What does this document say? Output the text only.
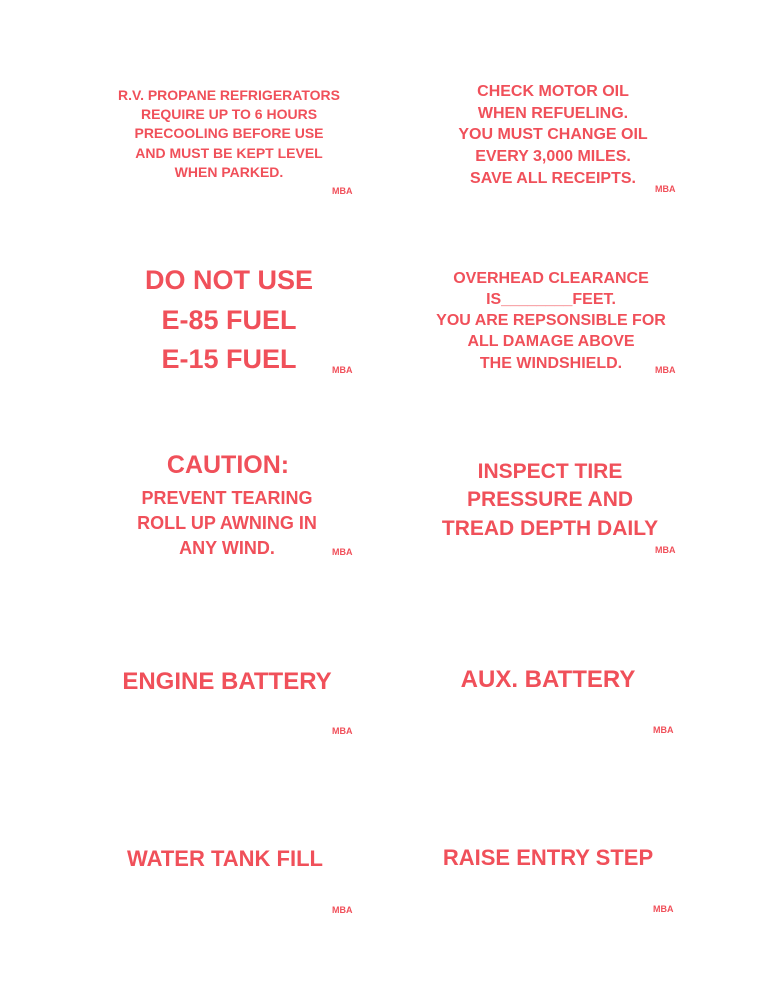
R.V. PROPANE REFRIGERATORS
REQUIRE UP TO 6 HOURS
PRECOOLING BEFORE USE
AND MUST BE KEPT LEVEL
WHEN PARKED.
MBA
CHECK MOTOR OIL
WHEN REFUELING.
YOU MUST CHANGE OIL
EVERY 3,000 MILES.
SAVE ALL RECEIPTS.
MBA
DO NOT USE
E-85 FUEL
E-15 FUEL	MBA
OVERHEAD CLEARANCE
IS________FEET.
YOU ARE REPSONSIBLE FOR
ALL DAMAGE ABOVE
THE WINDSHIELD.	MBA
CAUTION:
PREVENT TEARING
ROLL UP AWNING IN
ANY WIND.	MBA
INSPECT TIRE
PRESSURE AND
TREAD DEPTH DAILY
MBA
ENGINE BATTERY
MBA
AUX. BATTERY
MBA
WATER TANK FILL
MBA
RAISE ENTRY STEP
MBA
